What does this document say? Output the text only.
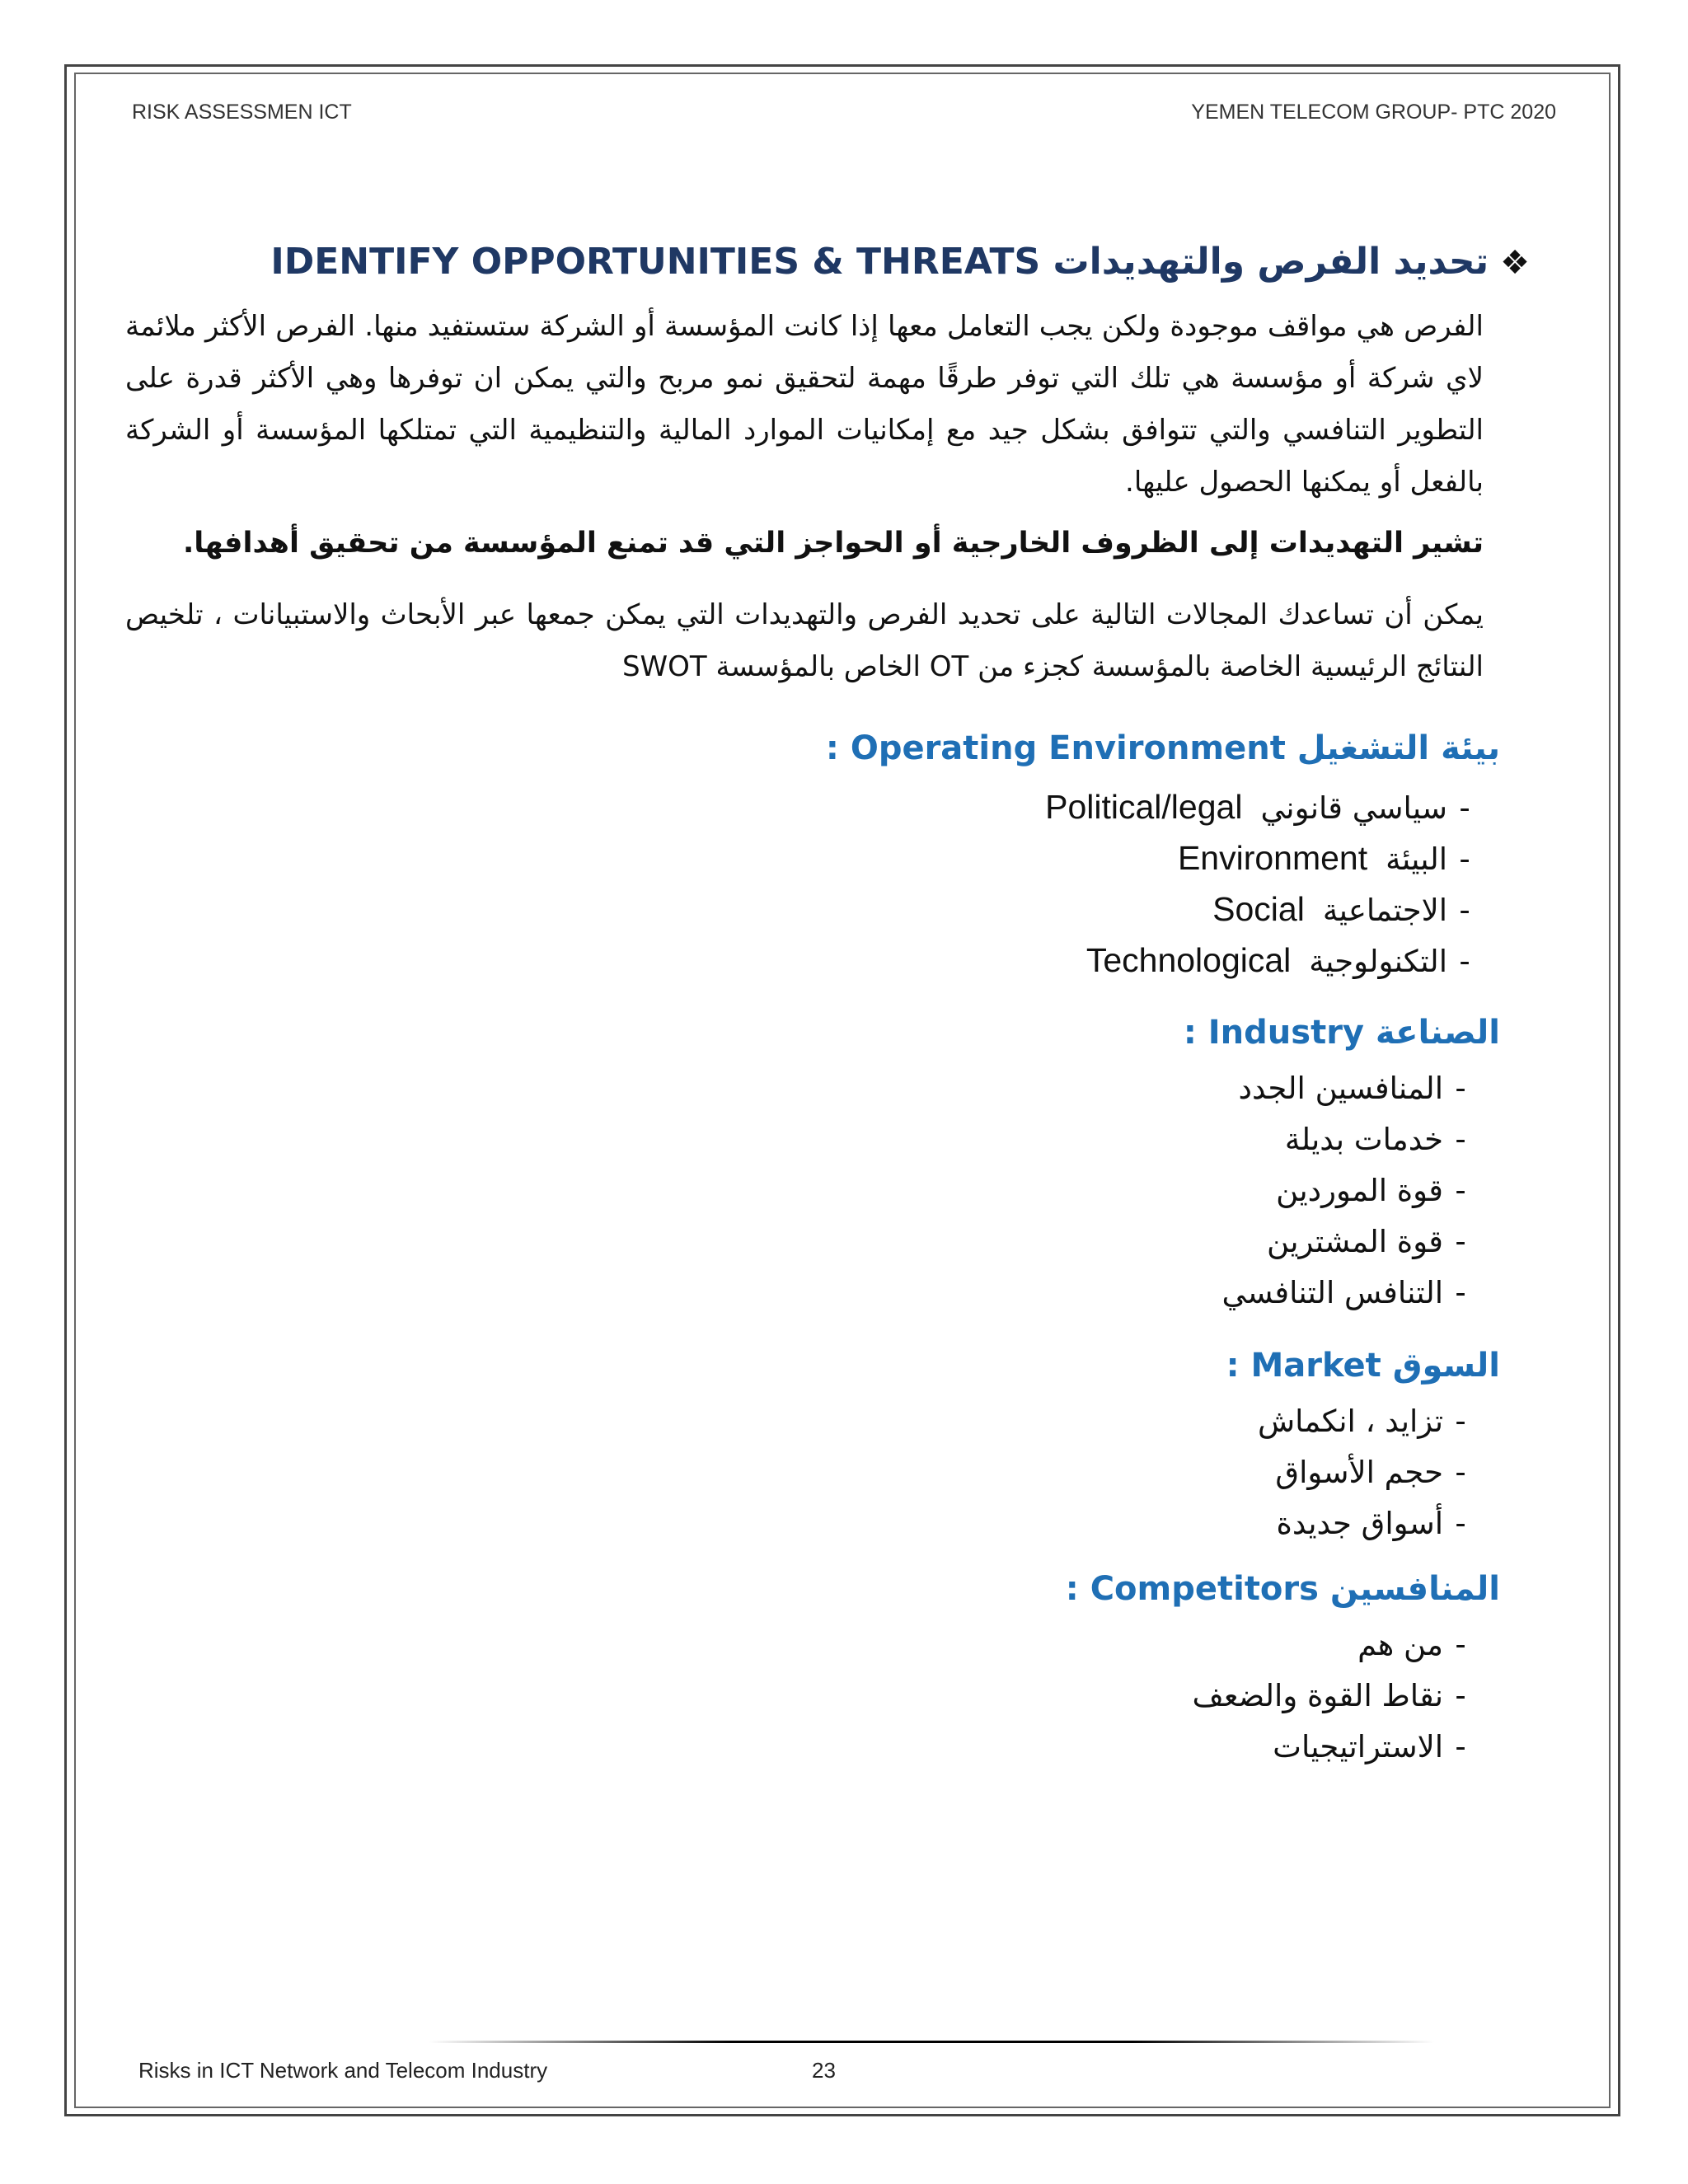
RISK ASSESSMEN ICT	YEMEN TELECOM GROUP- PTC 2020
IDENTIFY OPPORTUNITIES & THREATS تحديد الفرص والتهديدات ❖
الفرص هي مواقف موجودة ولكن يجب التعامل معها إذا كانت المؤسسة أو الشركة ستستفيد منها. الفرص الأكثر ملائمة لاي شركة أو مؤسسة هي تلك التي توفر طرقًا مهمة لتحقيق نمو مربح والتي يمكن ان توفرها وهي الأكثر قدرة على التطوير التنافسي والتي تتوافق بشكل جيد مع إمكانيات الموارد المالية والتنظيمية التي تمتلكها المؤسسة أو الشركة بالفعل أو يمكنها الحصول عليها.
تشير التهديدات إلى الظروف الخارجية أو الحواجز التي قد تمنع المؤسسة من تحقيق أهدافها.
يمكن أن تساعدك المجالات التالية على تحديد الفرص والتهديدات التي يمكن جمعها عبر الأبحاث والاستبيانات ، تلخيص النتائج الرئيسية الخاصة بالمؤسسة كجزء من OT الخاص بالمؤسسة SWOT
بيئة التشغيل Operating Environment :
-سياسي قانونيPolitical/legal
-البيئةEnvironment
-الاجتماعيةSocial
-التكنولوجيةTechnological
الصناعة Industry :
-المنافسين الجدد
-خدمات بديلة
-قوة الموردين
-قوة المشترين
-التنافس التنافسي
السوق Market :
-تزايد ، انكماش
-حجم الأسواق
-أسواق جديدة
المنافسين Competitors :
-من هم
-نقاط القوة والضعف
-الاستراتيجيات
Risks in ICT Network and Telecom Industry	23
